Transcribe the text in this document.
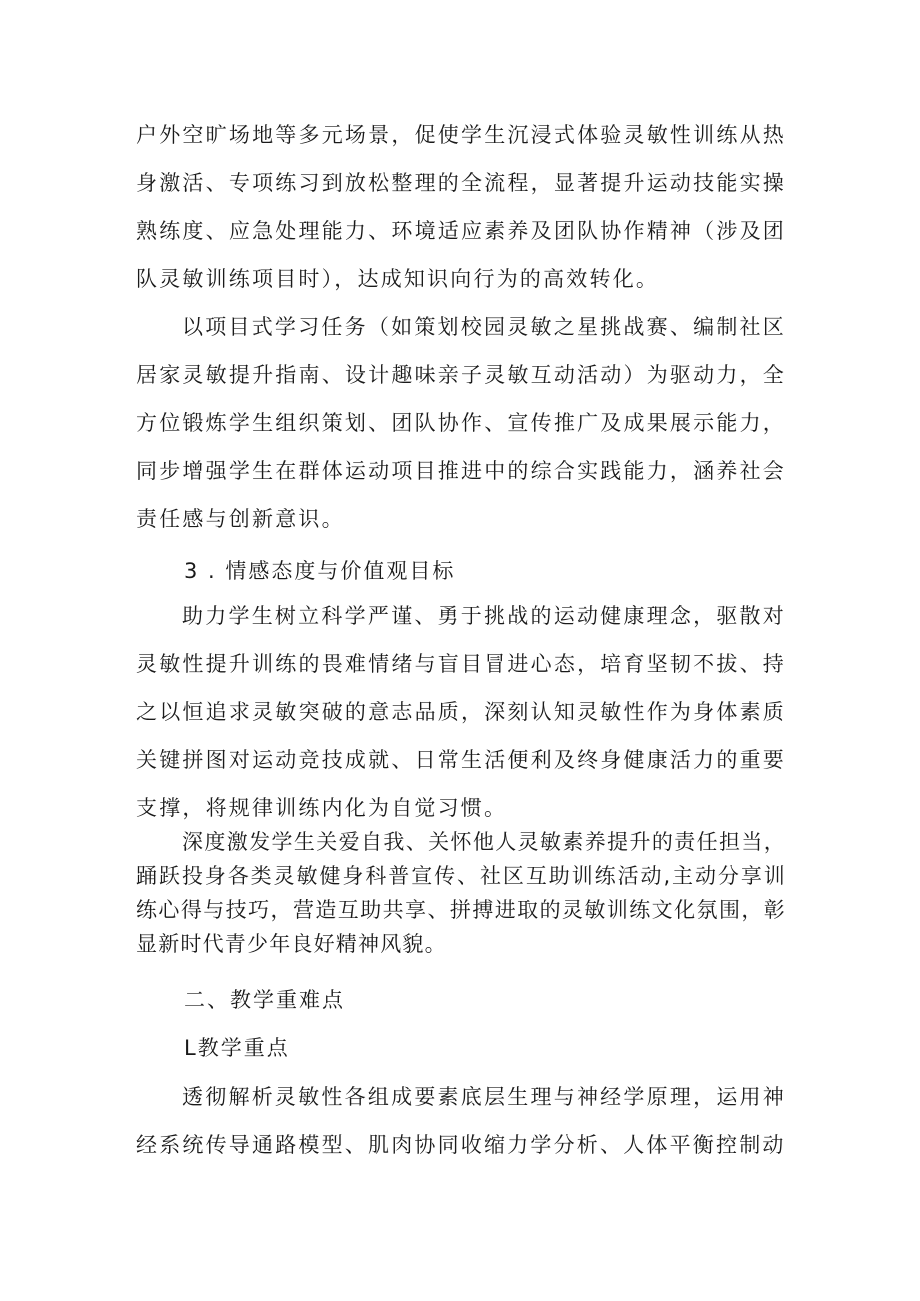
户外空旷场地等多元场景，促使学生沉浸式体验灵敏性训练从热身激活、专项练习到放松整理的全流程，显著提升运动技能实操熟练度、应急处理能力、环境适应素养及团队协作精神（涉及团队灵敏训练项目时），达成知识向行为的高效转化。

以项目式学习任务（如策划校园灵敏之星挑战赛、编制社区居家灵敏提升指南、设计趣味亲子灵敏互动活动）为驱动力，全方位锻炼学生组织策划、团队协作、宣传推广及成果展示能力，同步增强学生在群体运动项目推进中的综合实践能力，涵养社会责任感与创新意识。

3 . 情感态度与价值观目标

助力学生树立科学严谨、勇于挑战的运动健康理念，驱散对灵敏性提升训练的畏难情绪与盲目冒进心态，培育坚韧不拔、持之以恒追求灵敏突破的意志品质，深刻认知灵敏性作为身体素质关键拼图对运动竞技成就、日常生活便利及终身健康活力的重要支撑，将规律训练内化为自觉习惯。

深度激发学生关爱自我、关怀他人灵敏素养提升的责任担当，踊跃投身各类灵敏健身科普宣传、社区互助训练活动,主动分享训练心得与技巧，营造互助共享、拼搏进取的灵敏训练文化氛围，彰显新时代青少年良好精神风貌。

二、教学重难点

L教学重点

透彻解析灵敏性各组成要素底层生理与神经学原理，运用神经系统传导通路模型、肌肉协同收缩力学分析、人体平衡控制动
